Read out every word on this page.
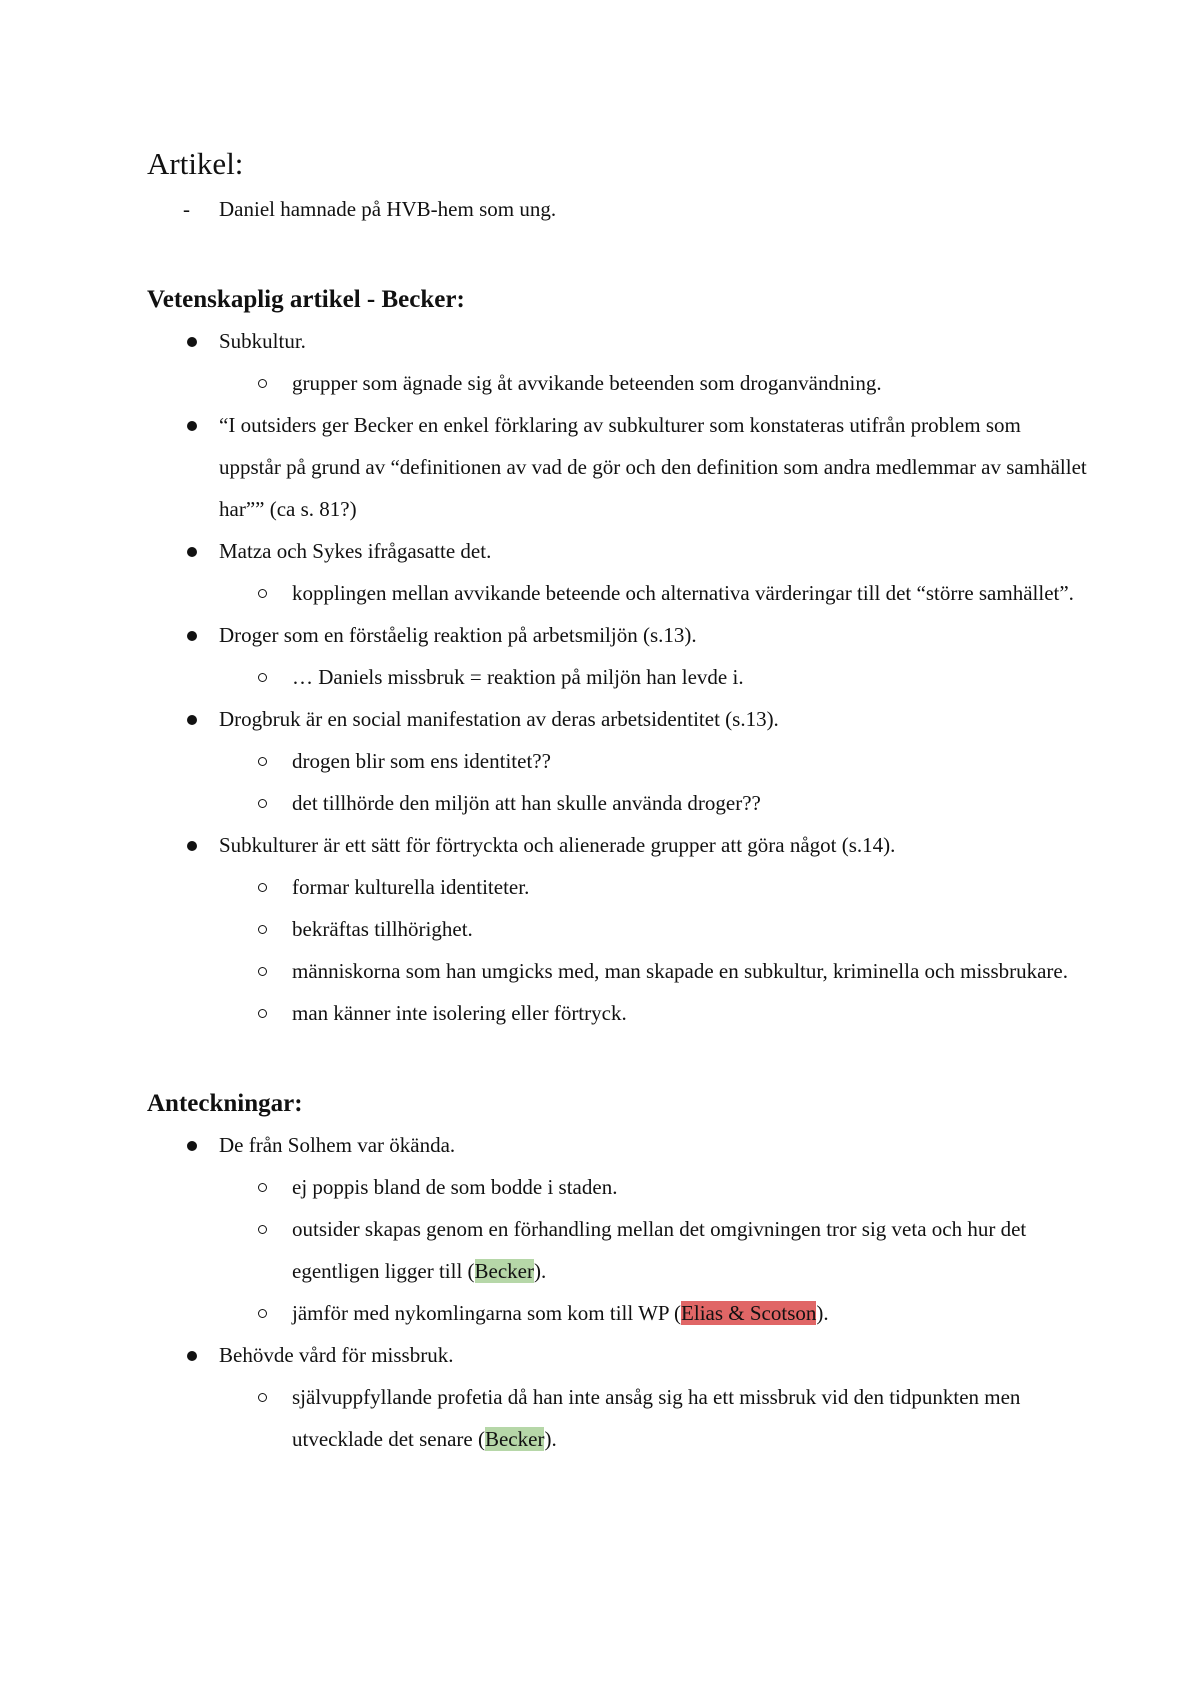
Artikel:
- Daniel hamnade på HVB-hem som ung.
Vetenskaplig artikel - Becker:
Subkultur.
grupper som ägnade sig åt avvikande beteenden som droganvändning.
“I outsiders ger Becker en enkel förklaring av subkulturer som konstateras utifrån problem som uppstår på grund av “definitionen av vad de gör och den definition som andra medlemmar av samhället har”” (ca s. 81?)
Matza och Sykes ifrågasatte det.
kopplingen mellan avvikande beteende och alternativa värderingar till det “större samhället”.
Droger som en förståelig reaktion på arbetsmiljön (s.13).
… Daniels missbruk = reaktion på miljön han levde i.
Drogbruk är en social manifestation av deras arbetsidentitet (s.13).
drogen blir som ens identitet??
det tillhörde den miljön att han skulle använda droger??
Subkulturer är ett sätt för förtryckta och alienerade grupper att göra något (s.14).
formar kulturella identiteter.
bekräftas tillhörighet.
människorna som han umgicks med, man skapade en subkultur, kriminella och missbrukare.
man känner inte isolering eller förtryck.
Anteckningar:
De från Solhem var ökända.
ej poppis bland de som bodde i staden.
outsider skapas genom en förhandling mellan det omgivningen tror sig veta och hur det egentligen ligger till (Becker).
jämför med nykomlingarna som kom till WP (Elias & Scotson).
Behövde vård för missbruk.
självuppfyllande profetia då han inte ansåg sig ha ett missbruk vid den tidpunkten men utvecklade det senare (Becker).
